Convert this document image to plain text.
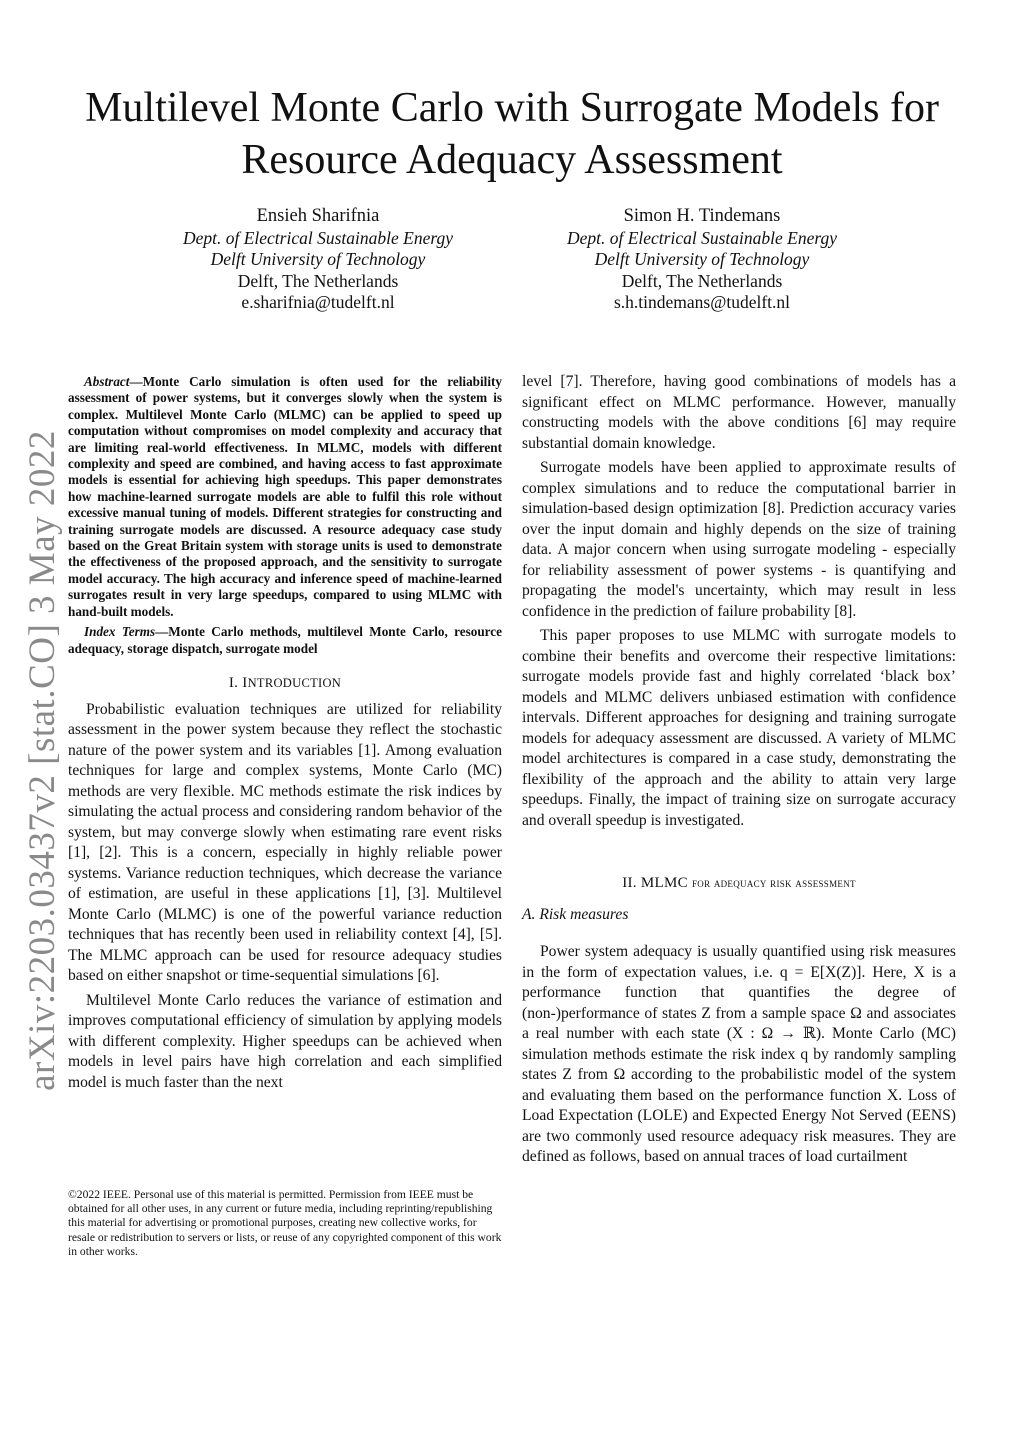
arXiv:2203.03437v2 [stat.CO] 3 May 2022
Multilevel Monte Carlo with Surrogate Models for Resource Adequacy Assessment
Ensieh Sharifnia
Dept. of Electrical Sustainable Energy
Delft University of Technology
Delft, The Netherlands
e.sharifnia@tudelft.nl
Simon H. Tindemans
Dept. of Electrical Sustainable Energy
Delft University of Technology
Delft, The Netherlands
s.h.tindemans@tudelft.nl

Abstract—Monte Carlo simulation is often used for the reliability assessment of power systems, but it converges slowly when the system is complex. Multilevel Monte Carlo (MLMC) can be applied to speed up computation without compromises on model complexity and accuracy that are limiting real-world effectiveness. In MLMC, models with different complexity and speed are combined, and having access to fast approximate models is essential for achieving high speedups. This paper demonstrates how machine-learned surrogate models are able to fulfil this role without excessive manual tuning of models. Different strategies for constructing and training surrogate models are discussed. A resource adequacy case study based on the Great Britain system with storage units is used to demonstrate the effectiveness of the proposed approach, and the sensitivity to surrogate model accuracy. The high accuracy and inference speed of machine-learned surrogates result in very large speedups, compared to using MLMC with hand-built models.

Index Terms—Monte Carlo methods, multilevel Monte Carlo, resource adequacy, storage dispatch, surrogate model

I. INTRODUCTION

Probabilistic evaluation techniques are utilized for reliability assessment in the power system because they reflect the stochastic nature of the power system and its variables [1]. Among evaluation techniques for large and complex systems, Monte Carlo (MC) methods are very flexible. MC methods estimate the risk indices by simulating the actual process and considering random behavior of the system, but may converge slowly when estimating rare event risks [1], [2]. This is a concern, especially in highly reliable power systems. Variance reduction techniques, which decrease the variance of estimation, are useful in these applications [1], [3]. Multilevel Monte Carlo (MLMC) is one of the powerful variance reduction techniques that has recently been used in reliability context [4], [5]. The MLMC approach can be used for resource adequacy studies based on either snapshot or time-sequential simulations [6].

Multilevel Monte Carlo reduces the variance of estimation and improves computational efficiency of simulation by applying models with different complexity. Higher speedups can be achieved when models in level pairs have high correlation and each simplified model is much faster than the next

©2022 IEEE. Personal use of this material is permitted. Permission from IEEE must be obtained for all other uses, in any current or future media, including reprinting/republishing this material for advertising or promotional purposes, creating new collective works, for resale or redistribution to servers or lists, or reuse of any copyrighted component of this work in other works.

level [7]. Therefore, having good combinations of models has a significant effect on MLMC performance. However, manually constructing models with the above conditions [6] may require substantial domain knowledge.

Surrogate models have been applied to approximate results of complex simulations and to reduce the computational barrier in simulation-based design optimization [8]. Prediction accuracy varies over the input domain and highly depends on the size of training data. A major concern when using surrogate modeling - especially for reliability assessment of power systems - is quantifying and propagating the model's uncertainty, which may result in less confidence in the prediction of failure probability [8].

This paper proposes to use MLMC with surrogate models to combine their benefits and overcome their respective limitations: surrogate models provide fast and highly correlated ‘black box’ models and MLMC delivers unbiased estimation with confidence intervals. Different approaches for designing and training surrogate models for adequacy assessment are discussed. A variety of MLMC model architectures is compared in a case study, demonstrating the flexibility of the approach and the ability to attain very large speedups. Finally, the impact of training size on surrogate accuracy and overall speedup is investigated.

II. MLMC for adequacy risk assessment
A. Risk measures

Power system adequacy is usually quantified using risk measures in the form of expectation values, i.e. q = E[X(Z)]. Here, X is a performance function that quantifies the degree of (non-)performance of states Z from a sample space Ω and associates a real number with each state (X : Ω → ℝ). Monte Carlo (MC) simulation methods estimate the risk index q by randomly sampling states Z from Ω according to the probabilistic model of the system and evaluating them based on the performance function X. Loss of Load Expectation (LOLE) and Expected Energy Not Served (EENS) are two commonly used resource adequacy risk measures. They are defined as follows, based on annual traces of load curtailment
